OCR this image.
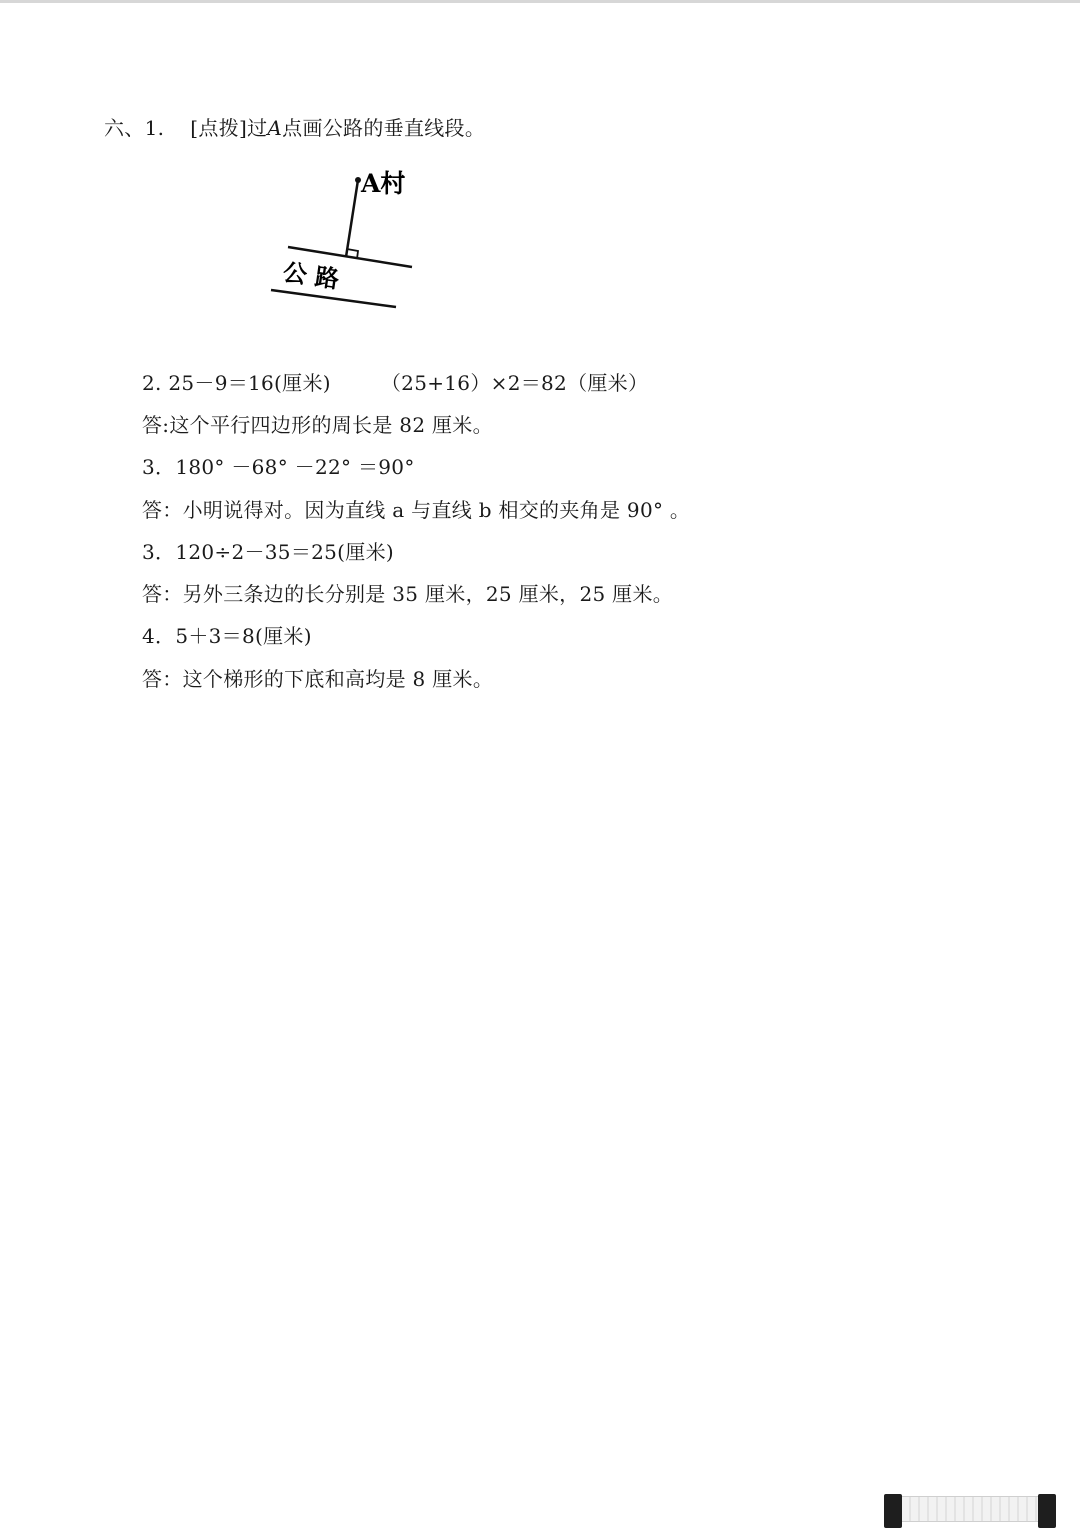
六、1. [点拨]过A点画公路的垂直线段。
A村
公 路
2. 25－9＝16(厘米)	（25+16）×2＝82（厘米）
答:这个平行四边形的周长是 82 厘米。
3．180° －68° －22° ＝90°
答：小明说得对。因为直线 a 与直线 b 相交的夹角是 90° 。
3．120÷2－35＝25(厘米)
答：另外三条边的长分别是 35 厘米，25 厘米，25 厘米。
4．5＋3＝8(厘米)
答：这个梯形的下底和高均是 8 厘米。
